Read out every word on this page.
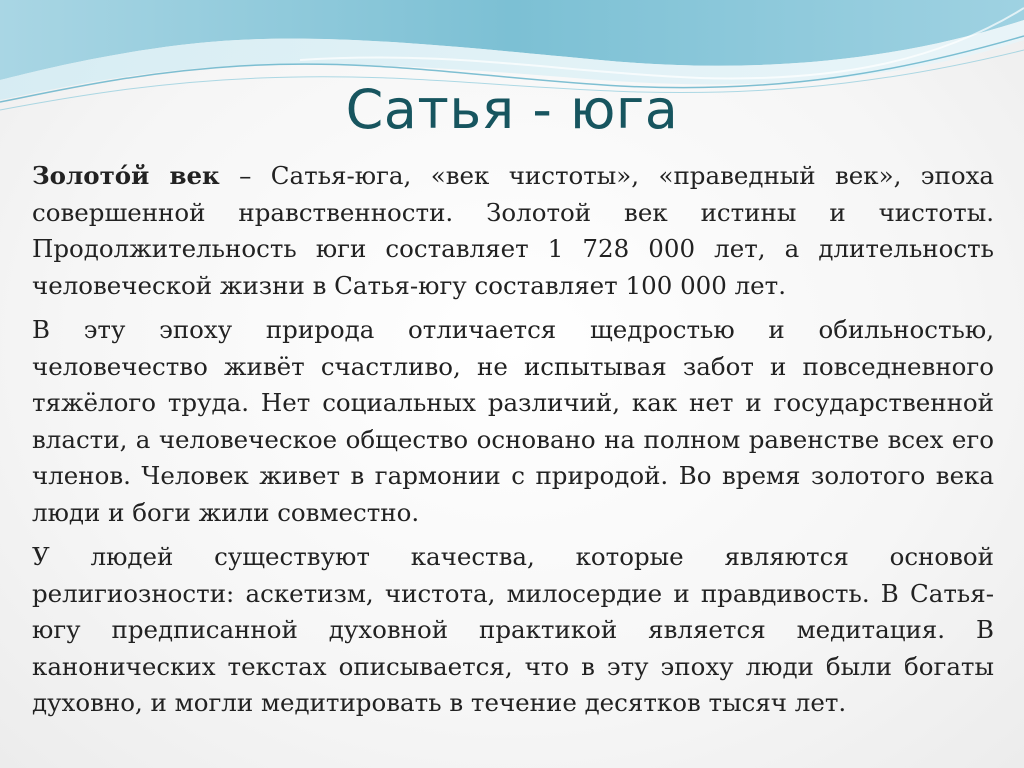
Сатья - юга

Золото́й век – Сатья-юга, «век чистоты», «праведный век», эпоха совершенной нравственности. Золотой век истины и чистоты. Продолжительность юги составляет 1 728 000 лет, а длительность человеческой жизни в Сатья-югу составляет 100 000 лет.

В эту эпоху природа отличается щедростью и обильностью, человечество живёт счастливо, не испытывая забот и повседневного тяжёлого труда. Нет социальных различий, как нет и государственной власти, а человеческое общество основано на полном равенстве всех его членов. Человек живет в гармонии с природой. Во время золотого века люди и боги жили совместно.

У людей существуют качества, которые являются основой религиозности: аскетизм, чистота, милосердие и правдивость. В Сатья-югу предписанной духовной практикой является медитация. В канонических текстах описывается, что в эту эпоху люди были богаты духовно, и могли медитировать в течение десятков тысяч лет.
